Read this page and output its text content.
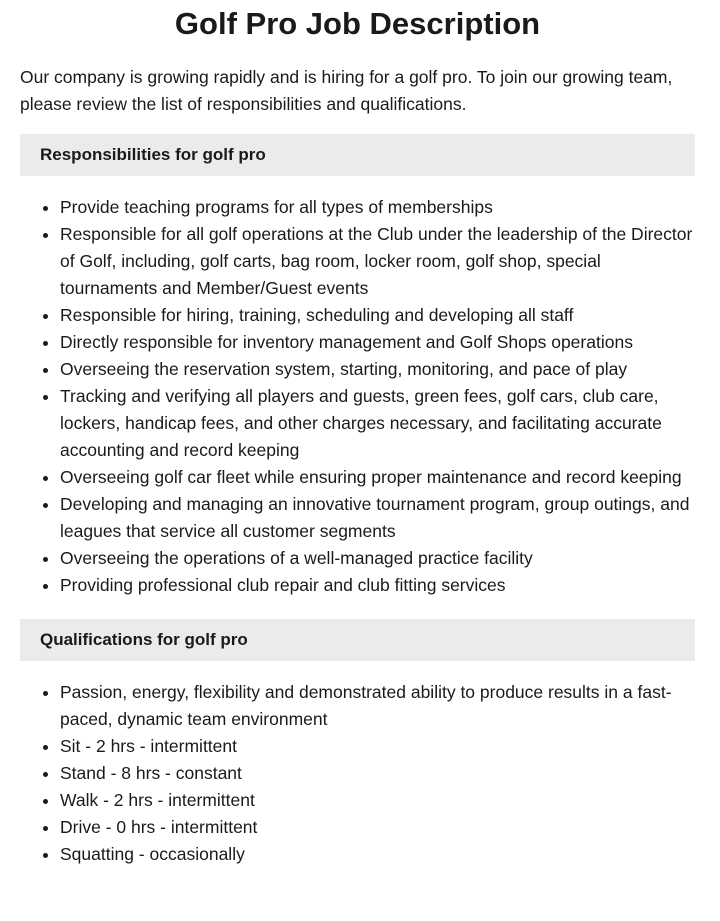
Golf Pro Job Description

Our company is growing rapidly and is hiring for a golf pro. To join our growing team, please review the list of responsibilities and qualifications.

Responsibilities for golf pro
• Provide teaching programs for all types of memberships
• Responsible for all golf operations at the Club under the leadership of the Director of Golf, including, golf carts, bag room, locker room, golf shop, special tournaments and Member/Guest events
• Responsible for hiring, training, scheduling and developing all staff
• Directly responsible for inventory management and Golf Shops operations
• Overseeing the reservation system, starting, monitoring, and pace of play
• Tracking and verifying all players and guests, green fees, golf cars, club care, lockers, handicap fees, and other charges necessary, and facilitating accurate accounting and record keeping
• Overseeing golf car fleet while ensuring proper maintenance and record keeping
• Developing and managing an innovative tournament program, group outings, and leagues that service all customer segments
• Overseeing the operations of a well-managed practice facility
• Providing professional club repair and club fitting services
Qualifications for golf pro
• Passion, energy, flexibility and demonstrated ability to produce results in a fast-paced, dynamic team environment
• Sit - 2 hrs - intermittent
• Stand - 8 hrs - constant
• Walk - 2 hrs - intermittent
• Drive - 0 hrs - intermittent
• Squatting - occasionally
